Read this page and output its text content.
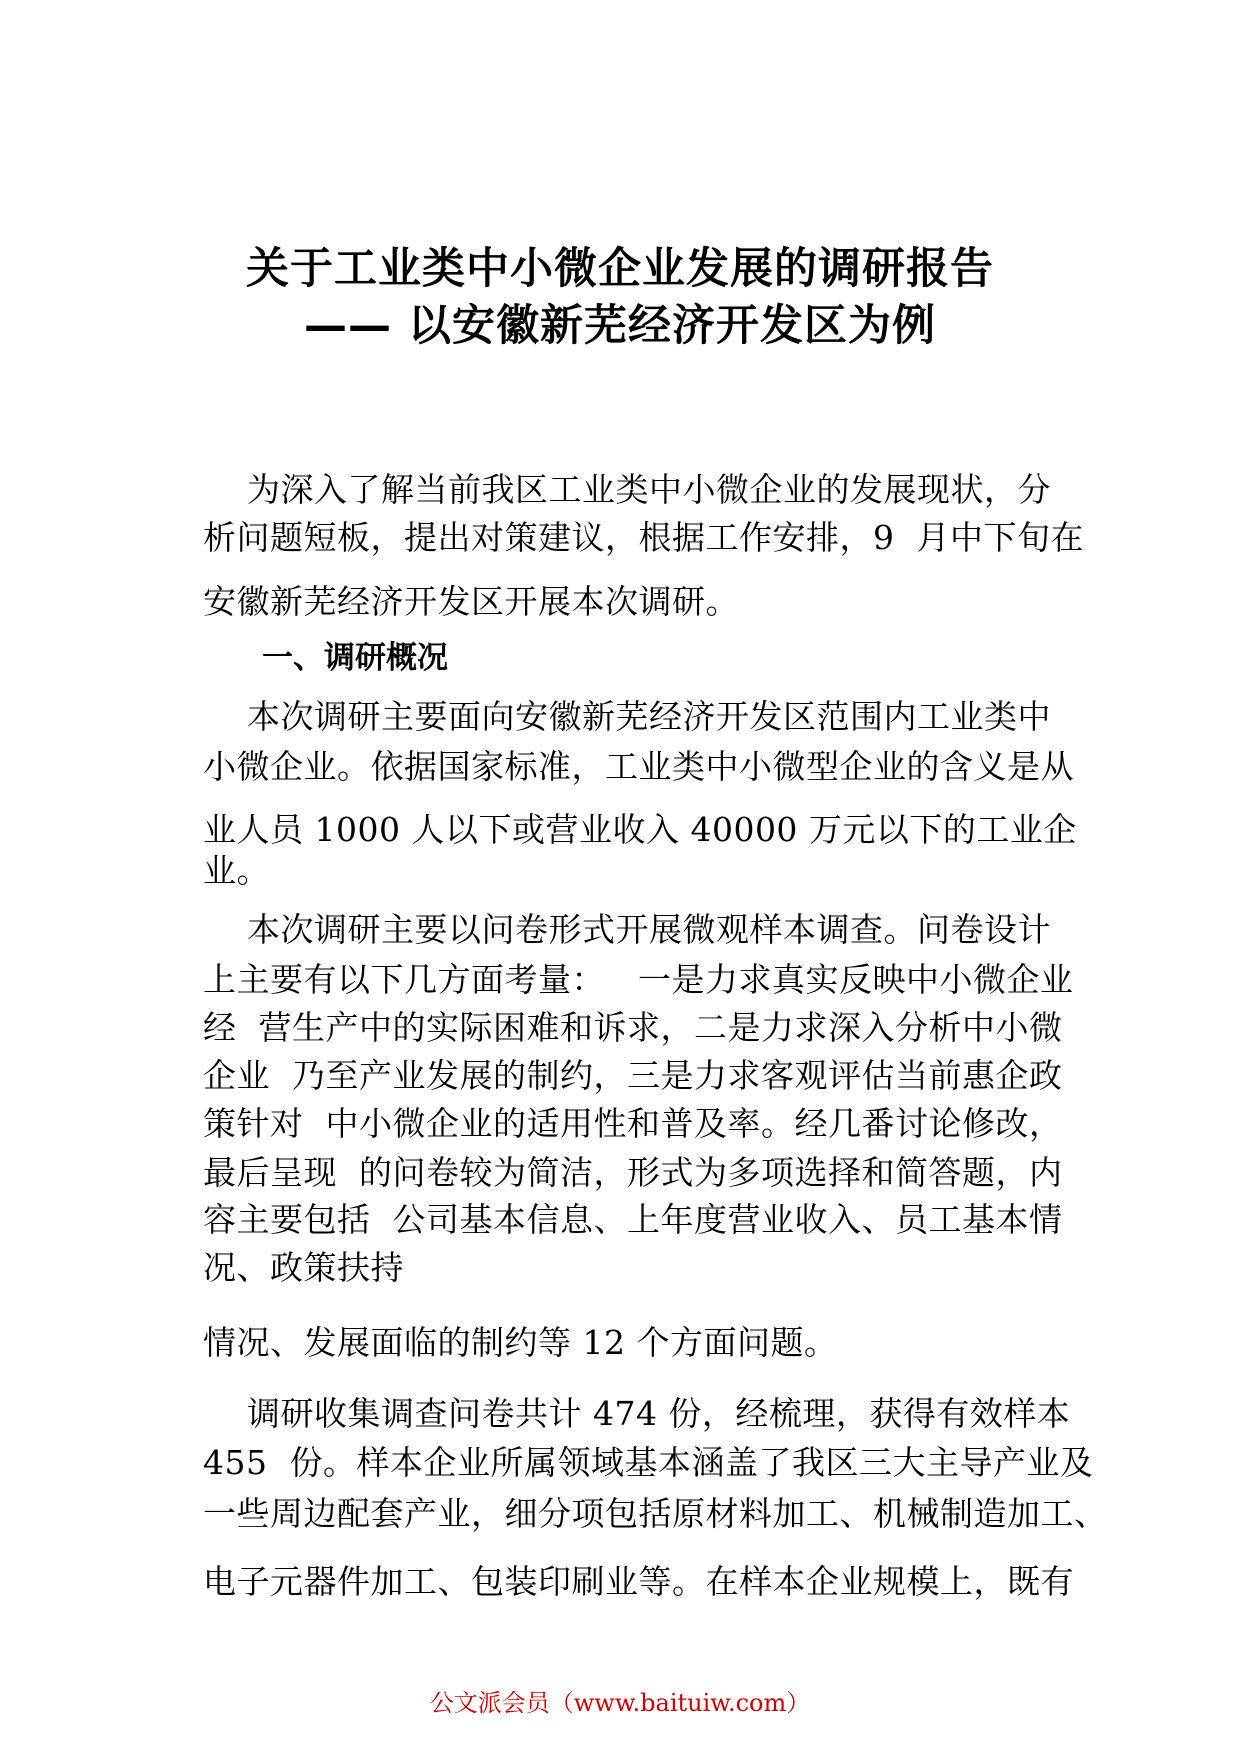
关于工业类中小微企业发展的调研报告
—— 以安徽新芜经济开发区为例
为深入了解当前我区工业类中小微企业的发展现状，分
析问题短板，提出对策建议，根据工作安排，9  月中下旬在
安徽新芜经济开发区开展本次调研。
一、调研概况
本次调研主要面向安徽新芜经济开发区范围内工业类中
小微企业。依据国家标准，工业类中小微型企业的含义是从
业人员 1000 人以下或营业收入 40000 万元以下的工业企
业。
本次调研主要以问卷形式开展微观样本调查。问卷设计
上主要有以下几方面考量：   一是力求真实反映中小微企业
经  营生产中的实际困难和诉求，二是力求深入分析中小微
企业  乃至产业发展的制约，三是力求客观评估当前惠企政
策针对  中小微企业的适用性和普及率。经几番讨论修改，
最后呈现  的问卷较为简洁，形式为多项选择和简答题，内
容主要包括  公司基本信息、上年度营业收入、员工基本情
况、政策扶持
情况、发展面临的制约等 12 个方面问题。
调研收集调查问卷共计 474 份，经梳理，获得有效样本
455  份。样本企业所属领域基本涵盖了我区三大主导产业及
一些周边配套产业，细分项包括原材料加工、机械制造加工、
电子元器件加工、包装印刷业等。在样本企业规模上，既有
公文派会员（www.baituiw.com）
